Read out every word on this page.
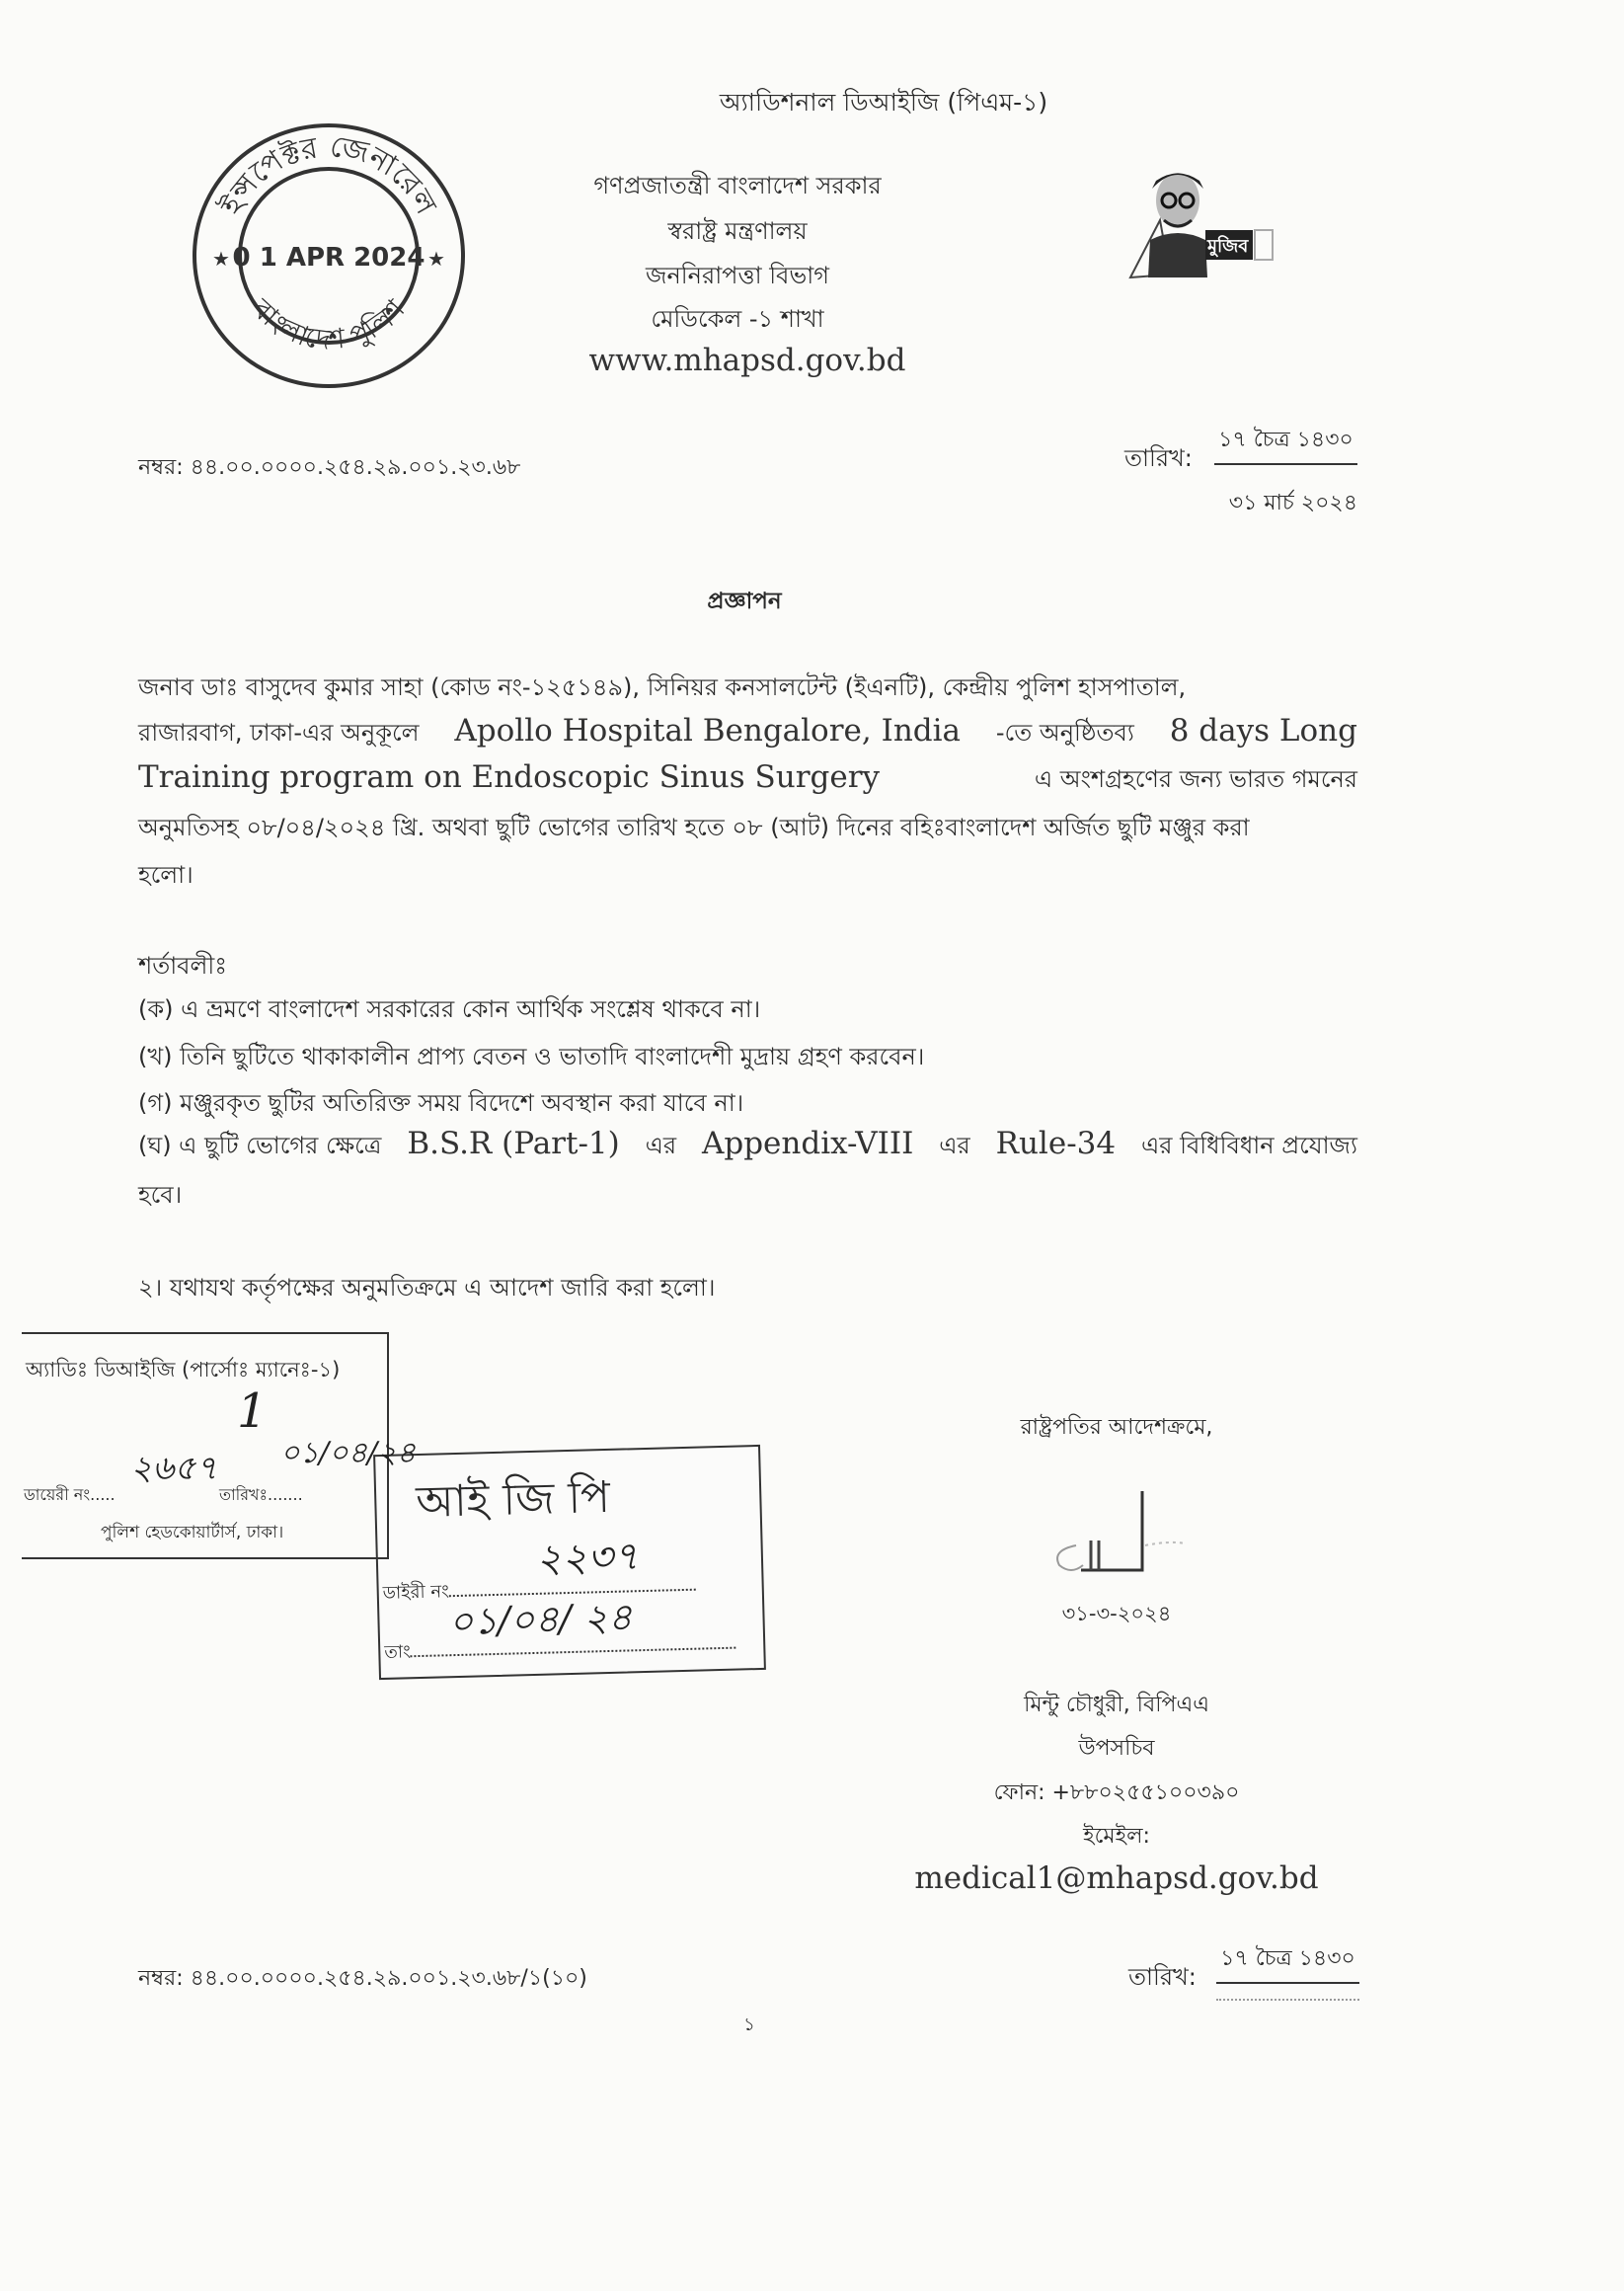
অ্যাডিশনাল ডিআইজি (পিএম-১)
ইন্সপেক্টর জেনারেল
বাংলাদেশ পুলিশ
0 1 APR 2024
★	★
গণপ্রজাতন্ত্রী বাংলাদেশ সরকার
স্বরাষ্ট্র মন্ত্রণালয়
জননিরাপত্তা বিভাগ
মেডিকেল -১ শাখা
www.mhapsd.gov.bd
মুজিব
নম্বর: ৪৪.০০.০০০০.২৫৪.২৯.০০১.২৩.৬৮	তারিখ:
১৭ চৈত্র ১৪৩০
৩১ মার্চ ২০২৪
প্রজ্ঞাপন
জনাব ডাঃ বাসুদেব কুমার সাহা (কোড নং-১২৫১৪৯), সিনিয়র কনসালটেন্ট (ইএনটি), কেন্দ্রীয় পুলিশ হাসপাতাল,
রাজারবাগ, ঢাকা-এর অনুকূলে Apollo Hospital Bengalore, India -তে অনুষ্ঠিতব্য 8 days Long
Training program on Endoscopic Sinus Surgery	এ অংশগ্রহণের জন্য ভারত গমনের
অনুমতিসহ ০৮/০৪/২০২৪ খ্রি. অথবা ছুটি ভোগের তারিখ হতে ০৮ (আট) দিনের বহিঃবাংলাদেশ অর্জিত ছুটি মঞ্জুর করা
হলো।
শর্তাবলীঃ
(ক) এ ভ্রমণে বাংলাদেশ সরকারের কোন আর্থিক সংশ্লেষ থাকবে না।
(খ) তিনি ছুটিতে থাকাকালীন প্রাপ্য বেতন ও ভাতাদি বাংলাদেশী মুদ্রায় গ্রহণ করবেন।
(গ) মঞ্জুরকৃত ছুটির অতিরিক্ত সময় বিদেশে অবস্থান করা যাবে না।
(ঘ) এ ছুটি ভোগের ক্ষেত্রে B.S.R (Part-1) এর Appendix-VIII এর Rule-34 এর বিধিবিধান প্রযোজ্য
হবে।
২। যথাযথ কর্তৃপক্ষের অনুমতিক্রমে এ আদেশ জারি করা হলো।
আই জি পি
২২৩৭
ডাইরী নং
০১/০৪/ ২৪
তাং
অ্যাডিঃ ডিআইজি (পার্সোঃ ম্যানেঃ-১)
1
২৬৫৭ ০১/০৪/২৪
ডায়েরী নং.....	তারিখঃ.......
পুলিশ হেডকোয়ার্টার্স, ঢাকা।
রাষ্ট্রপতির আদেশক্রমে,
৩১-৩-২০২৪
মিন্টু চৌধুরী, বিপিএএ
উপসচিব
ফোন: +৮৮০২৫৫১০০৩৯০
ইমেইল:
medical1@mhapsd.gov.bd
নম্বর: ৪৪.০০.০০০০.২৫৪.২৯.০০১.২৩.৬৮/১(১০)	তারিখ:
১৭ চৈত্র ১৪৩০
১
